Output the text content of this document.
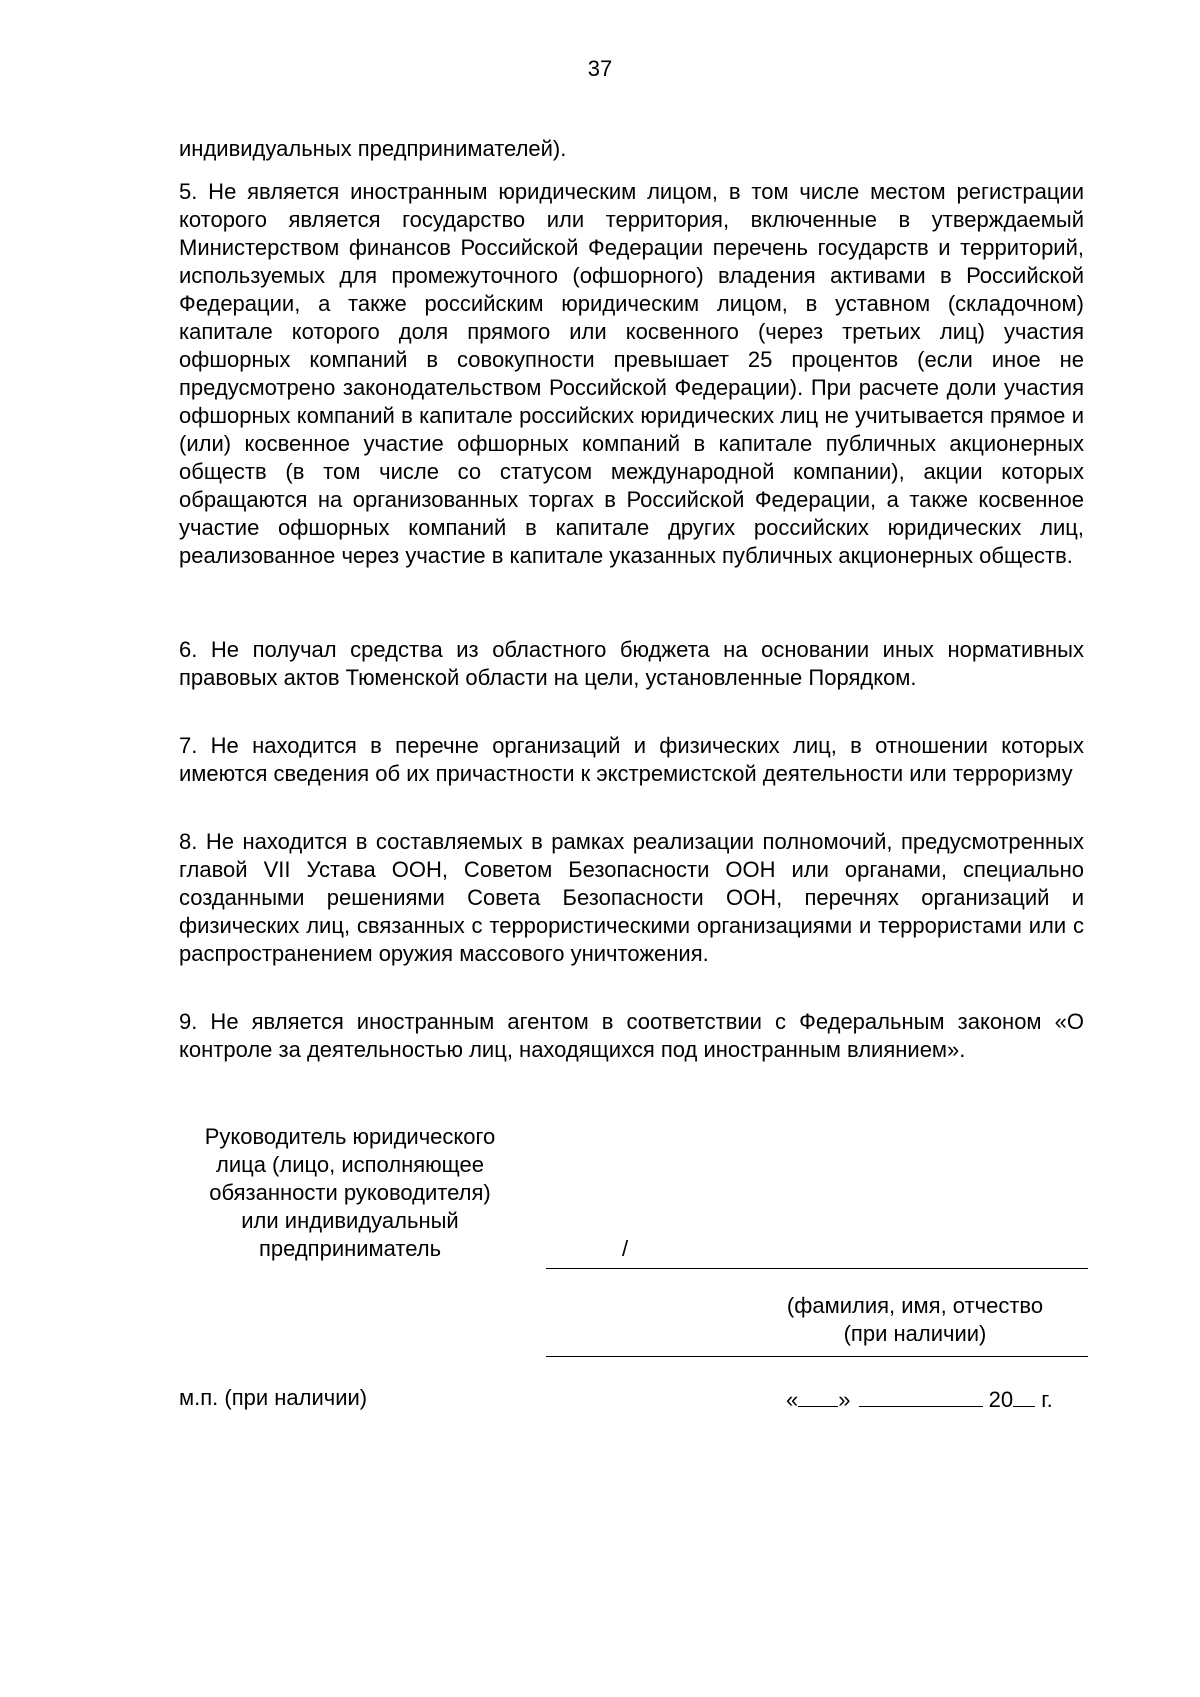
37
индивидуальных предпринимателей).
5. Не является иностранным юридическим лицом, в том числе местом регистрации которого является государство или территория, включенные в утверждаемый Министерством финансов Российской Федерации перечень государств и территорий, используемых для промежуточного (офшорного) владения активами в Российской Федерации, а также российским юридическим лицом, в уставном (складочном) капитале которого доля прямого или косвенного (через третьих лиц) участия офшорных компаний в совокупности превышает 25 процентов (если иное не предусмотрено законодательством Российской Федерации). При расчете доли участия офшорных компаний в капитале российских юридических лиц не учитывается прямое и (или) косвенное участие офшорных компаний в капитале публичных акционерных обществ (в том числе со статусом международной компании), акции которых обращаются на организованных торгах в Российской Федерации, а также косвенное участие офшорных компаний в капитале других российских юридических лиц, реализованное через участие в капитале указанных публичных акционерных обществ.
6. Не получал средства из областного бюджета на основании иных нормативных правовых актов Тюменской области на цели, установленные Порядком.
7. Не находится в перечне организаций и физических лиц, в отношении которых имеются сведения об их причастности к экстремистской деятельности или терроризму
8. Не находится в составляемых в рамках реализации полномочий, предусмотренных главой VII Устава ООН, Советом Безопасности ООН или органами, специально созданными решениями Совета Безопасности ООН, перечнях организаций и физических лиц, связанных с террористическими организациями и террористами или с распространением оружия массового уничтожения.
9. Не является иностранным агентом в соответствии с Федеральным законом «О контроле за деятельностью лиц, находящихся под иностранным влиянием».
Руководитель юридического
лица (лицо, исполняющее
обязанности руководителя)
или индивидуальный
предприниматель	/
(фамилия, имя, отчество
(при наличии)
м.п. (при наличии)	« »	20 г.
